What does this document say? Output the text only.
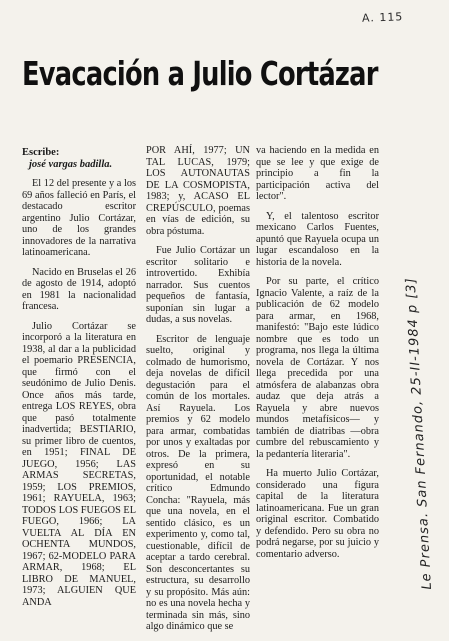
A. 115
Evacación a Julio Cortázar
Escribe:
josé vargas badilla.

El 12 del presente y a los 69 años falleció en París, el destacado escritor argentino Julio Cortázar, uno de los grandes innovadores de la narrativa latinoamericana.

Nacido en Bruselas el 26 de agosto de 1914, adoptó en 1981 la nacionalidad francesa.

Julio Cortázar se incorporó a la literatura en 1938, al dar a la publicidad el poemario PRESENCIA, que firmó con el seudónimo de Julio Denis. Once años más tarde, entrega LOS REYES, obra que pasó totalmente inadvertida; BESTIARIO, su primer libro de cuentos, en 1951; FINAL DE JUEGO, 1956; LAS ARMAS SECRETAS, 1959; LOS PREMIOS, 1961; RAYUELA, 1963; TODOS LOS FUEGOS EL FUEGO, 1966; LA VUELTA AL DÍA EN OCHENTA MUNDOS, 1967; 62-MODELO PARA ARMAR, 1968; EL LIBRO DE MANUEL, 1973; ALGUIEN QUE ANDA

POR AHÍ, 1977; UN TAL LUCAS, 1979; LOS AUTONAUTAS DE LA COSMOPISTA, 1983; y, ACASO EL CREPÚSCULO, poemas en vías de edición, su obra póstuma.

Fue Julio Cortázar un escritor solitario e introvertido. Exhibía narrador. Sus cuentos pequeños de fantasía, suponían sin lugar a dudas, a sus novelas.

Escritor de lenguaje suelto, original y colmado de humorismo, deja novelas de difícil degustación para el común de los mortales. Así Rayuela. Los premios y 62 modelo para armar, combatidas por unos y exaltadas por otros. De la primera, expresó en su oportunidad, el notable crítico Edmundo Concha: "Rayuela, más que una novela, en el sentido clásico, es un experimento y, como tal, cuestionable, difícil de aceptar a tardo cerebral. Son desconcertantes su estructura, su desarrollo y su propósito. Más aún: no es una novela hecha y terminada sin más, sino algo dinámico que se

va haciendo en la medida en que se lee y que exige de principio a fin la participación activa del lector".

Y, el talentoso escritor mexicano Carlos Fuentes, apuntó que Rayuela ocupa un lugar escandaloso en la historia de la novela.

Por su parte, el crítico Ignacio Valente, a raíz de la publicación de 62 modelo para armar, en 1968, manifestó: "Bajo este lúdico nombre que es todo un programa, nos llega la última novela de Cortázar. Y nos llega precedida por una atmósfera de alabanzas obra audaz que deja atrás a Rayuela y abre nuevos mundos metafísicos— y también de diatribas —obra cumbre del rebuscamiento y la pedantería literaria".

Ha muerto Julio Cortázar, considerado una figura capital de la literatura latinoamericana. Fue un gran original escritor. Combatido y defendido. Pero su obra no podrá negarse, por su juicio y comentario adverso.	Le Prensa. San Fernando, 25-II-1984 p [3]
